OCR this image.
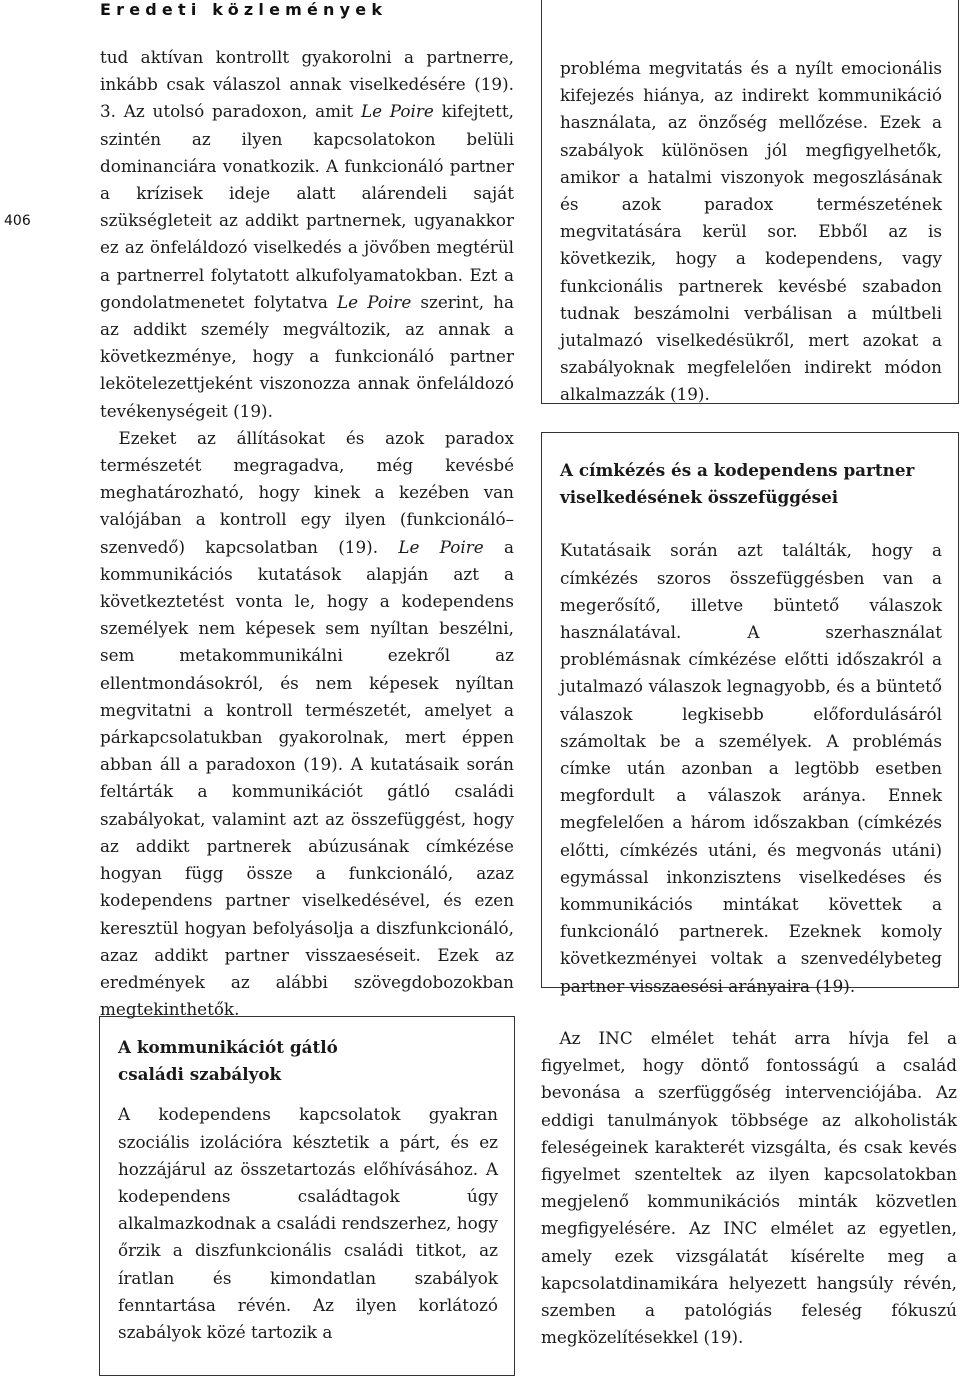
Eredeti közlemények
406

tud aktívan kontrollt gyakorolni a partnerre, inkább csak válaszol annak viselkedésére (19). 3. Az utolsó paradoxon, amit Le Poire kifejtett, szintén az ilyen kapcsolatokon belüli dominanciára vonatkozik. A funkcionáló partner a krízisek ideje alatt alárendeli saját szükségleteit az addikt partnernek, ugyanakkor ez az önfeláldozó viselkedés a jövőben megtérül a partnerrel folytatott alkufolyamatokban. Ezt a gondolatmenetet folytatva Le Poire szerint, ha az addikt személy megváltozik, az annak a következménye, hogy a funkcionáló partner lekötelezettjeként viszonozza annak önfeláldozó tevékenységeit (19).

Ezeket az állításokat és azok paradox természetét megragadva, még kevésbé meghatározható, hogy kinek a kezében van valójában a kontroll egy ilyen (funkcionáló–szenvedő) kapcsolatban (19). Le Poire a kommunikációs kutatások alapján azt a következtetést vonta le, hogy a kodependens személyek nem képesek sem nyíltan beszélni, sem metakommunikálni ezekről az ellentmondásokról, és nem képesek nyíltan megvitatni a kontroll természetét, amelyet a párkapcsolatukban gyakorolnak, mert éppen abban áll a paradoxon (19). A kutatásaik során feltárták a kommunikációt gátló családi szabályokat, valamint azt az összefüggést, hogy az addikt partnerek abúzusának címkézése hogyan függ össze a funkcionáló, azaz kodependens partner viselkedésével, és ezen keresztül hogyan befolyásolja a diszfunkcionáló, azaz addikt partner visszaeséseit. Ezek az eredmények az alábbi szövegdobozokban megtekinthetők.

probléma megvitatás és a nyílt emocionális kifejezés hiánya, az indirekt kommunikáció használata, az önzőség mellőzése. Ezek a szabályok különösen jól megfigyelhetők, amikor a hatalmi viszonyok megoszlásának és azok paradox természetének megvitatására kerül sor. Ebből az is következik, hogy a kodependens, vagy funkcionális partnerek kevésbé szabadon tudnak beszámolni verbálisan a múltbeli jutalmazó viselkedésükről, mert azokat a szabályoknak megfelelően indirekt módon alkalmazzák (19).

A címkézés és a kodependens partner
viselkedésének összefüggései

Kutatásaik során azt találták, hogy a címkézés szoros összefüggésben van a megerősítő, illetve büntető válaszok használatával. A szerhasználat problémásnak címkézése előtti időszakról a jutalmazó válaszok legnagyobb, és a büntető válaszok legkisebb előfordulásáról számoltak be a személyek. A problémás címke után azonban a legtöbb esetben megfordult a válaszok aránya. Ennek megfelelően a három időszakban (címkézés előtti, címkézés utáni, és megvonás utáni) egymással inkonzisztens viselkedéses és kommunikációs mintákat követtek a funkcionáló partnerek. Ezeknek komoly következményei voltak a szenvedélybeteg partner visszaesési arányaira (19).

A kommunikációt gátló
családi szabályok

A kodependens kapcsolatok gyakran szociális izolációra késztetik a párt, és ez hozzájárul az összetartozás előhívásához. A kodependens családtagok úgy alkalmazkodnak a családi rendszerhez, hogy őrzik a diszfunkcionális családi titkot, az íratlan és kimondatlan szabályok fenntartása révén. Az ilyen korlátozó szabályok közé tartozik a

Az INC elmélet tehát arra hívja fel a figyelmet, hogy döntő fontosságú a család bevonása a szerfüggőség intervenciójába. Az eddigi tanulmányok többsége az alkoholisták feleségeinek karakterét vizsgálta, és csak kevés figyelmet szenteltek az ilyen kapcsolatokban megjelenő kommunikációs minták közvetlen megfigyelésére. Az INC elmélet az egyetlen, amely ezek vizsgálatát kísérelte meg a kapcsolatdinamikára helyezett hangsúly révén, szemben a patológiás feleség fókuszú megközelítésekkel (19).
